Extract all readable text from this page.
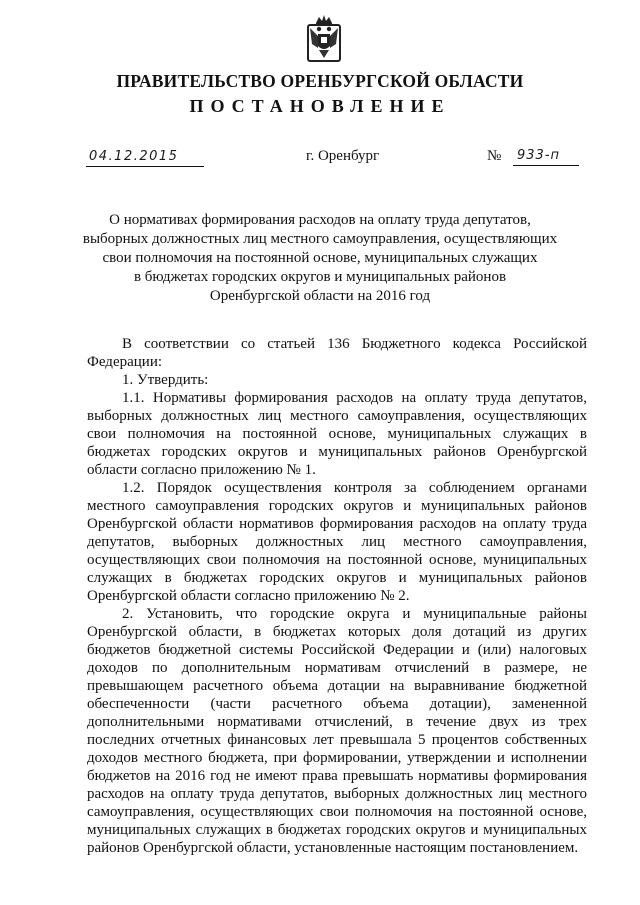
ПРАВИТЕЛЬСТВО ОРЕНБУРГСКОЙ ОБЛАСТИ
ПОСТАНОВЛЕНИЕ
04.12.2015	г. Оренбург	№ 933-п
О нормативах формирования расходов на оплату труда депутатов,
выборных должностных лиц местного самоуправления, осуществляющих
свои полномочия на постоянной основе, муниципальных служащих
в бюджетах городских округов и муниципальных районов
Оренбургской области на 2016 год
В соответствии со статьей 136 Бюджетного кодекса Российской
Федерации:
1. Утвердить:
1.1. Нормативы формирования расходов на оплату труда депутатов,
выборных должностных лиц местного самоуправления, осуществляющих
свои полномочия на постоянной основе, муниципальных служащих в
бюджетах городских округов и муниципальных районов Оренбургской
области согласно приложению № 1.
1.2. Порядок осуществления контроля за соблюдением органами
местного самоуправления городских округов и муниципальных районов
Оренбургской области нормативов формирования расходов на оплату труда
депутатов, выборных должностных лиц местного самоуправления,
осуществляющих свои полномочия на постоянной основе, муниципальных
служащих в бюджетах городских округов и муниципальных районов
Оренбургской области согласно приложению № 2.
2. Установить, что городские округа и муниципальные районы
Оренбургской области, в бюджетах которых доля дотаций из других
бюджетов бюджетной системы Российской Федерации и (или) налоговых
доходов по дополнительным нормативам отчислений в размере, не
превышающем расчетного объема дотации на выравнивание бюджетной
обеспеченности (части расчетного объема дотации), замененной
дополнительными нормативами отчислений, в течение двух из трех
последних отчетных финансовых лет превышала 5 процентов собственных
доходов местного бюджета, при формировании, утверждении и исполнении
бюджетов на 2016 год не имеют права превышать нормативы формирования
расходов на оплату труда депутатов, выборных должностных лиц местного
самоуправления, осуществляющих свои полномочия на постоянной основе,
муниципальных служащих в бюджетах городских округов и муниципальных
районов Оренбургской области, установленные настоящим постановлением.
